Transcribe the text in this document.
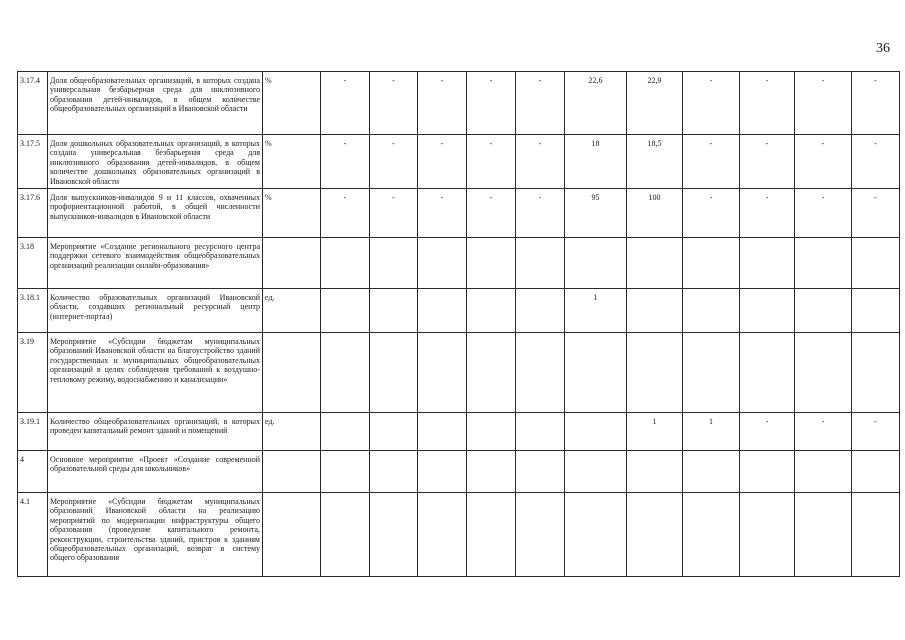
36
3.17.4	Доля общеобразовательных организаций, в которых создана универсальная безбарьерная среда для инклюзивного образования детей-инвалидов, в общем количестве общеобразовательных организаций в Ивановской области	%	-	-	-	-	-	22,6	22,9	-	-	-	-
3.17.5	Доля дошкольных образовательных организаций, в которых создана универсальная безбарьерная среда для инклюзивного образования детей-инвалидов, в общем количестве дошкольных образовательных организаций в Ивановской области	%	-	-	-	-	-	18	18,5	-	-	-	-
3.17.6	Доля выпускников-инвалидов 9 и 11 классов, охваченных профориентационной работой, в общей численности выпускников-инвалидов в Ивановской области	%	-	-	-	-	-	95	100	-	-	-	-
3.18	Мероприятие «Создание регионального ресурсного центра поддержки сетевого взаимодействия общеобразовательных организаций реализации онлайн-образования»												
3.18.1	Количество образовательных организаций Ивановской области, создавших региональный ресурсный центр (интернет-портал)	ед.						1					
3.19	Мероприятие «Субсидии бюджетам муниципальных образований Ивановской области на благоустройство зданий государственных и муниципальных общеобразовательных организаций в целях соблюдения требований к воздушно-тепловому режиму, водоснабжению и канализации»												
3.19.1	Количество общеобразовательных организаций, в которых проведен капитальный ремонт зданий и помещений	ед.							1	1	-	-	-
4	Основное мероприятие «Проект «Создание современной образовательной среды для школьников»												
4.1	Мероприятие «Субсидии бюджетам муниципальных образований Ивановской области на реализацию мероприятий по модернизации инфраструктуры общего образования (проведение капитального ремонта, реконструкции, строительства зданий, пристроя к зданиям общеобразовательных организаций, возврат в систему общего образования												
